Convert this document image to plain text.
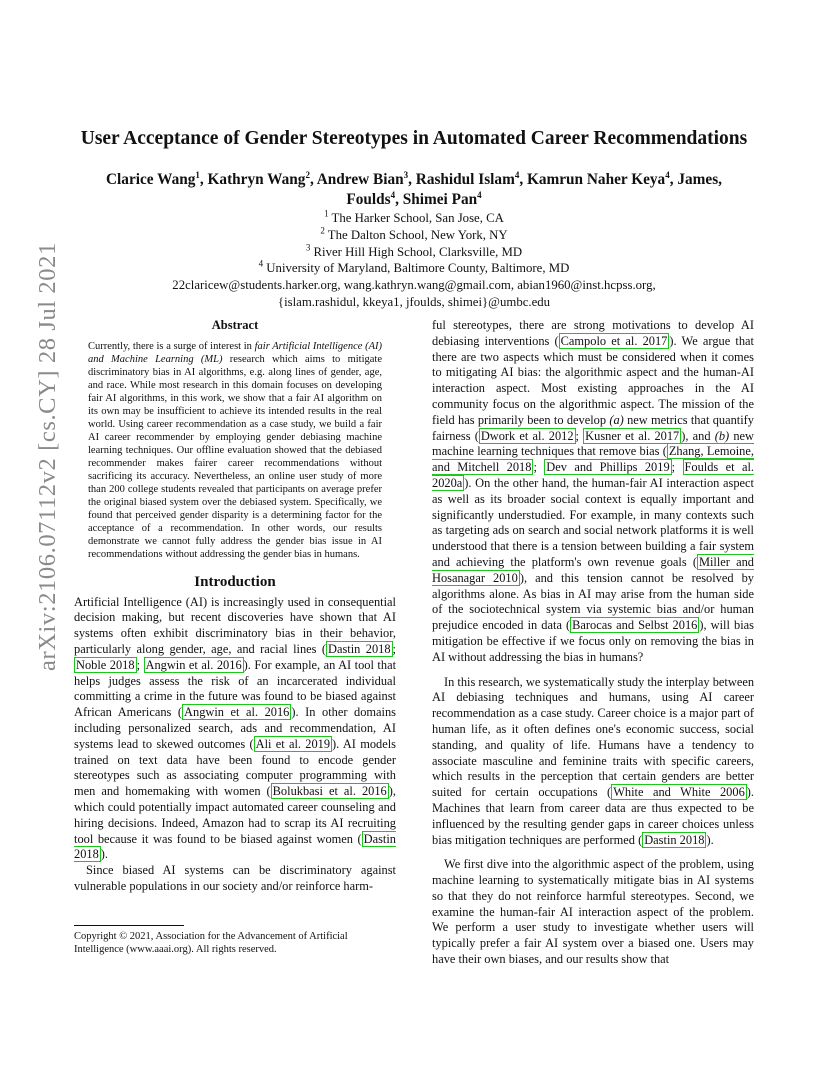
arXiv:2106.07112v2 [cs.CY] 28 Jul 2021
User Acceptance of Gender Stereotypes in Automated Career Recommendations
Clarice Wang$^1$, Kathryn Wang$^2$, Andrew Bian$^3$, Rashidul Islam$^4$, Kamrun Naher Keya$^4$, James,
Foulds$^4$, Shimei Pan$^4$
$^1$ The Harker School, San Jose, CA
$^2$ The Dalton School, New York, NY
$^3$ River Hill High School, Clarksville, MD
$^4$ University of Maryland, Baltimore County, Baltimore, MD
22claricew@students.harker.org, wang.kathryn.wang@gmail.com, abian1960@inst.hcpss.org,
{islam.rashidul, kkeya1, jfoulds, shimei}@umbc.edu
Abstract

Currently, there is a surge of interest in fair Artificial Intelligence (AI) and Machine Learning (ML) research which aims to mitigate discriminatory bias in AI algorithms, e.g. along lines of gender, age, and race. While most research in this domain focuses on developing fair AI algorithms, in this work, we show that a fair AI algorithm on its own may be insufficient to achieve its intended results in the real world. Using career recommendation as a case study, we build a fair AI career recommender by employing gender debiasing machine learning techniques. Our offline evaluation showed that the debiased recommender makes fairer career recommendations without sacrificing its accuracy. Nevertheless, an online user study of more than 200 college students revealed that participants on average prefer the original biased system over the debiased system. Specifically, we found that perceived gender disparity is a determining factor for the acceptance of a recommendation. In other words, our results demonstrate we cannot fully address the gender bias issue in AI recommendations without addressing the gender bias in humans.

Introduction

Artificial Intelligence (AI) is increasingly used in consequential decision making, but recent discoveries have shown that AI systems often exhibit discriminatory bias in their behavior, particularly along gender, age, and racial lines ( Dastin 2018 ; Noble 2018 ; Angwin et al. 2016 ). For example, an AI tool that helps judges assess the risk of an incarcerated individual committing a crime in the future was found to be biased against African Americans ( Angwin et al. 2016 ). In other domains including personalized search, ads and recommendation, AI systems lead to skewed outcomes ( Ali et al. 2019 ). AI models trained on text data have been found to encode gender stereotypes such as associating computer programming with men and homemaking with women ( Bolukbasi et al. 2016 ), which could potentially impact automated career counseling and hiring decisions. Indeed, Amazon had to scrap its AI recruiting tool because it was found to be biased against women ( Dastin 2018 ).

Since biased AI systems can be discriminatory against vulnerable populations in our society and/or reinforce harm-

Copyright © 2021, Association for the Advancement of Artificial Intelligence (www.aaai.org). All rights reserved.

ful stereotypes, there are strong motivations to develop AI debiasing interventions ( Campolo et al. 2017 ). We argue that there are two aspects which must be considered when it comes to mitigating AI bias: the algorithmic aspect and the human-AI interaction aspect. Most existing approaches in the AI community focus on the algorithmic aspect. The mission of the field has primarily been to develop (a) new metrics that quantify fairness ( Dwork et al. 2012 ; Kusner et al. 2017 ), and (b) new machine learning techniques that remove bias ( Zhang, Lemoine, and Mitchell 2018 ; Dev and Phillips 2019 ; Foulds et al. 2020a ). On the other hand, the human-fair AI interaction aspect as well as its broader social context is equally important and significantly understudied. For example, in many contexts such as targeting ads on search and social network platforms it is well understood that there is a tension between building a fair system and achieving the platform's own revenue goals ( Miller and Hosanagar 2010 ), and this tension cannot be resolved by algorithms alone. As bias in AI may arise from the human side of the sociotechnical system via systemic bias and/or human prejudice encoded in data ( Barocas and Selbst 2016 ), will bias mitigation be effective if we focus only on removing the bias in AI without addressing the bias in humans?

In this research, we systematically study the interplay between AI debiasing techniques and humans, using AI career recommendation as a case study. Career choice is a major part of human life, as it often defines one's economic success, social standing, and quality of life. Humans have a tendency to associate masculine and feminine traits with specific careers, which results in the perception that certain genders are better suited for certain occupations ( White and White 2006 ). Machines that learn from career data are thus expected to be influenced by the resulting gender gaps in career choices unless bias mitigation techniques are performed ( Dastin 2018 ).

We first dive into the algorithmic aspect of the problem, using machine learning to systematically mitigate bias in AI systems so that they do not reinforce harmful stereotypes. Second, we examine the human-fair AI interaction aspect of the problem. We perform a user study to investigate whether users will typically prefer a fair AI system over a biased one. Users may have their own biases, and our results show that
